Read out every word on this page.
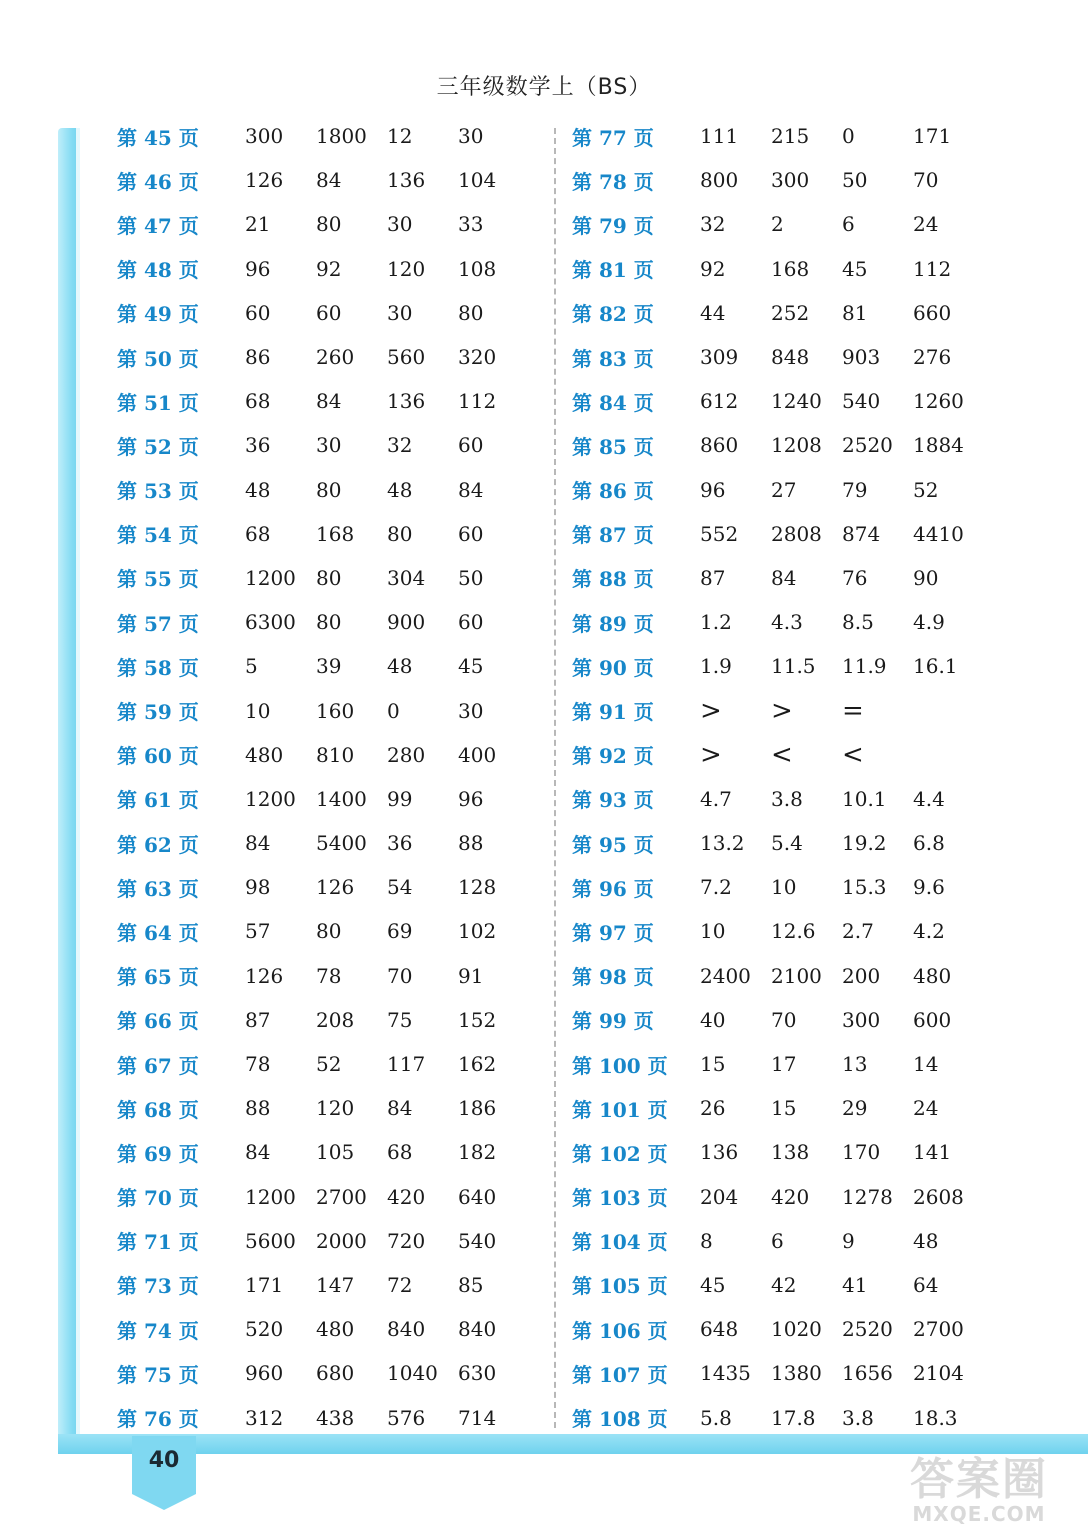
三年级数学上（BS）
40
第 45 页	300	1800	12	30
第 46 页	126	84	136	104
第 47 页	21	80	30	33
第 48 页	96	92	120	108
第 49 页	60	60	30	80
第 50 页	86	260	560	320
第 51 页	68	84	136	112
第 52 页	36	30	32	60
第 53 页	48	80	48	84
第 54 页	68	168	80	60
第 55 页	1200	80	304	50
第 57 页	6300	80	900	60
第 58 页	5	39	48	45
第 59 页	10	160	0	30
第 60 页	480	810	280	400
第 61 页	1200	1400	99	96
第 62 页	84	5400	36	88
第 63 页	98	126	54	128
第 64 页	57	80	69	102
第 65 页	126	78	70	91
第 66 页	87	208	75	152
第 67 页	78	52	117	162
第 68 页	88	120	84	186
第 69 页	84	105	68	182
第 70 页	1200	2700	420	640
第 71 页	5600	2000	720	540
第 73 页	171	147	72	85
第 74 页	520	480	840	840
第 75 页	960	680	1040	630
第 76 页	312	438	576	714
第 77 页	111	215	0	171
第 78 页	800	300	50	70
第 79 页	32	2	6	24
第 81 页	92	168	45	112
第 82 页	44	252	81	660
第 83 页	309	848	903	276
第 84 页	612	1240	540	1260
第 85 页	860	1208	2520	1884
第 86 页	96	27	79	52
第 87 页	552	2808	874	4410
第 88 页	87	84	76	90
第 89 页	1.2	4.3	8.5	4.9
第 90 页	1.9	11.5	11.9	16.1
第 91 页	>	>	=
第 92 页	>	<	<
第 93 页	4.7	3.8	10.1	4.4
第 95 页	13.2	5.4	19.2	6.8
第 96 页	7.2	10	15.3	9.6
第 97 页	10	12.6	2.7	4.2
第 98 页	2400	2100	200	480
第 99 页	40	70	300	600
第 100 页	15	17	13	14
第 101 页	26	15	29	24
第 102 页	136	138	170	141
第 103 页	204	420	1278	2608
第 104 页	8	6	9	48
第 105 页	45	42	41	64
第 106 页	648	1020	2520	2700
第 107 页	1435	1380	1656	2104
第 108 页	5.8	17.8	3.8	18.3
答案圈
MXQE.COM
